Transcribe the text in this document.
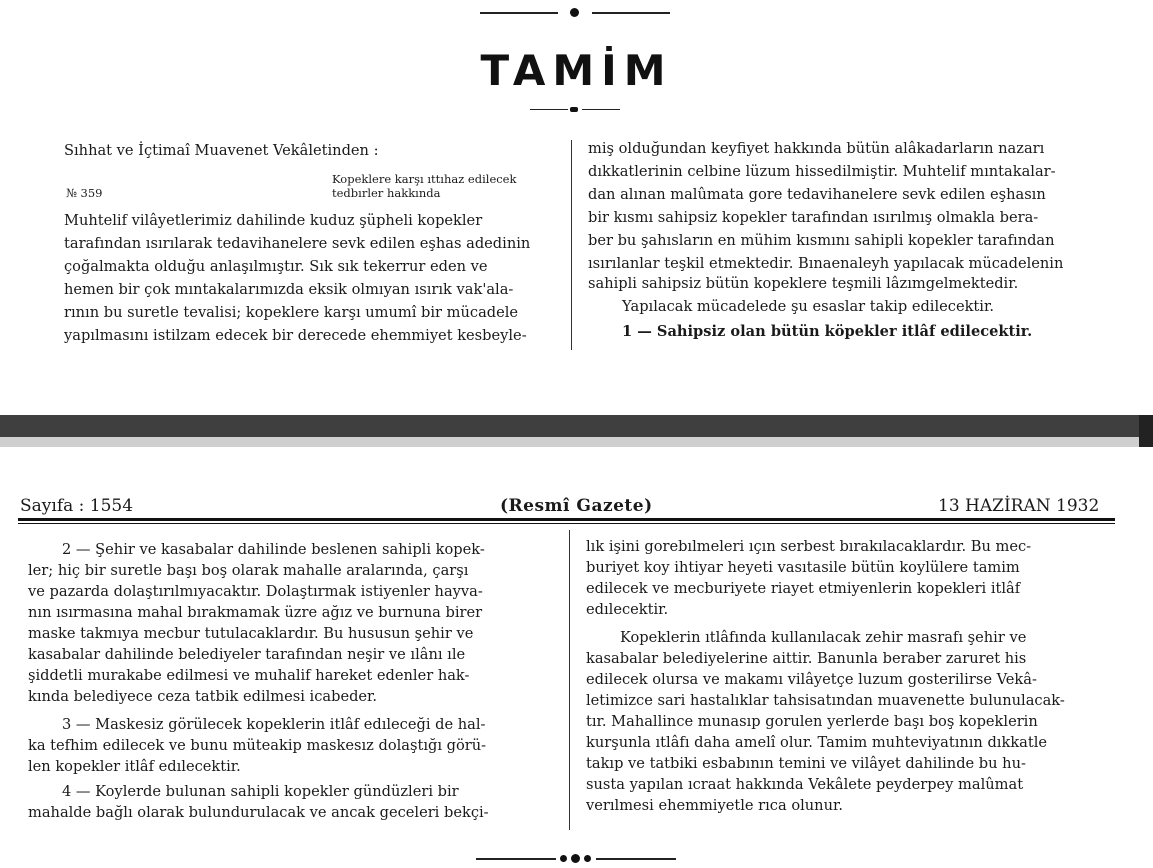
TAMİM
Sıhhat ve İçtimaî Muavenet Vekâletinden :
Kopeklere karşı ıttıhaz edilecek
№ 359	tedbırler hakkında
Muhtelif vilâyetlerimiz dahilinde kuduz şüpheli kopekler
tarafından ısırılarak tedavihanelere sevk edilen eşhas adedinin
çoğalmakta olduğu anlaşılmıştır. Sık sık tekerrur eden ve
hemen bir çok mıntakalarımızda eksik olmıyan ısırık vak'ala-
rının bu suretle tevalisi; kopeklere karşı umumî bir mücadele
yapılmasını istilzam edecek bir derecede ehemmiyet kesbeyle-
miş olduğundan keyfiyet hakkında bütün alâkadarların nazarı
dıkkatlerinin celbine lüzum hissedilmiştir. Muhtelif mıntakalar-
dan alınan malûmata gore tedavihanelere sevk edilen eşhasın
bir kısmı sahipsiz kopekler tarafından ısırılmış olmakla bera-
ber bu şahısların en mühim kısmını sahipli kopekler tarafından
ısırılanlar teşkil etmektedir. Bınaenaleyh yapılacak mücadelenin
sahipli sahipsiz bütün kopeklere teşmili lâzımgelmektedir.
Yapılacak mücadelede şu esaslar takip edilecektir.
1 — Sahipsiz olan bütün köpekler itlâf edilecektir.
Sayıfa : 1554	(Resmî Gazete)	13 HAZİRAN 1932
2 — Şehir ve kasabalar dahilinde beslenen sahipli kopek-
ler; hiç bir suretle başı boş olarak mahalle aralarında, çarşı
ve pazarda dolaştırılmıyacaktır. Dolaştırmak istiyenler hayva-
nın ısırmasına mahal bırakmamak üzre ağız ve burnuna birer
maske takmıya mecbur tutulacaklardır. Bu hususun şehir ve
kasabalar dahilinde belediyeler tarafından neşir ve ılânı ıle
şiddetli murakabe edilmesi ve muhalif hareket edenler hak-
kında belediyece ceza tatbik edilmesi icabeder.
3 — Maskesiz görülecek kopeklerin itlâf edıleceği de hal-
ka tefhim edilecek ve bunu müteakip maskesız dolaştığı görü-
len kopekler itlâf edılecektir.
4 — Koylerde bulunan sahipli kopekler gündüzleri bir
mahalde bağlı olarak bulundurulacak ve ancak geceleri bekçi-
lık işini gorebılmeleri ıçın serbest bırakılacaklardır. Bu mec-
buriyet koy ihtiyar heyeti vasıtasile bütün koylülere tamim
edilecek ve mecburiyete riayet etmiyenlerin kopekleri itlâf
edılecektir.
Kopeklerin ıtlâfında kullanılacak zehir masrafı şehir ve
kasabalar belediyelerine aittir. Banunla beraber zaruret his
edilecek olursa ve makamı vilâyetçe luzum gosterilirse Vekâ-
letimizce sari hastalıklar tahsisatından muavenette bulunulacak-
tır. Mahallince munasıp gorulen yerlerde başı boş kopeklerin
kurşunla ıtlâfı daha amelî olur. Tamim muhteviyatının dıkkatle
takıp ve tatbiki esbabının temini ve vilâyet dahilinde bu hu-
susta yapılan ıcraat hakkında Vekâlete peyderpey malûmat
verılmesi ehemmiyetle rıca olunur.
